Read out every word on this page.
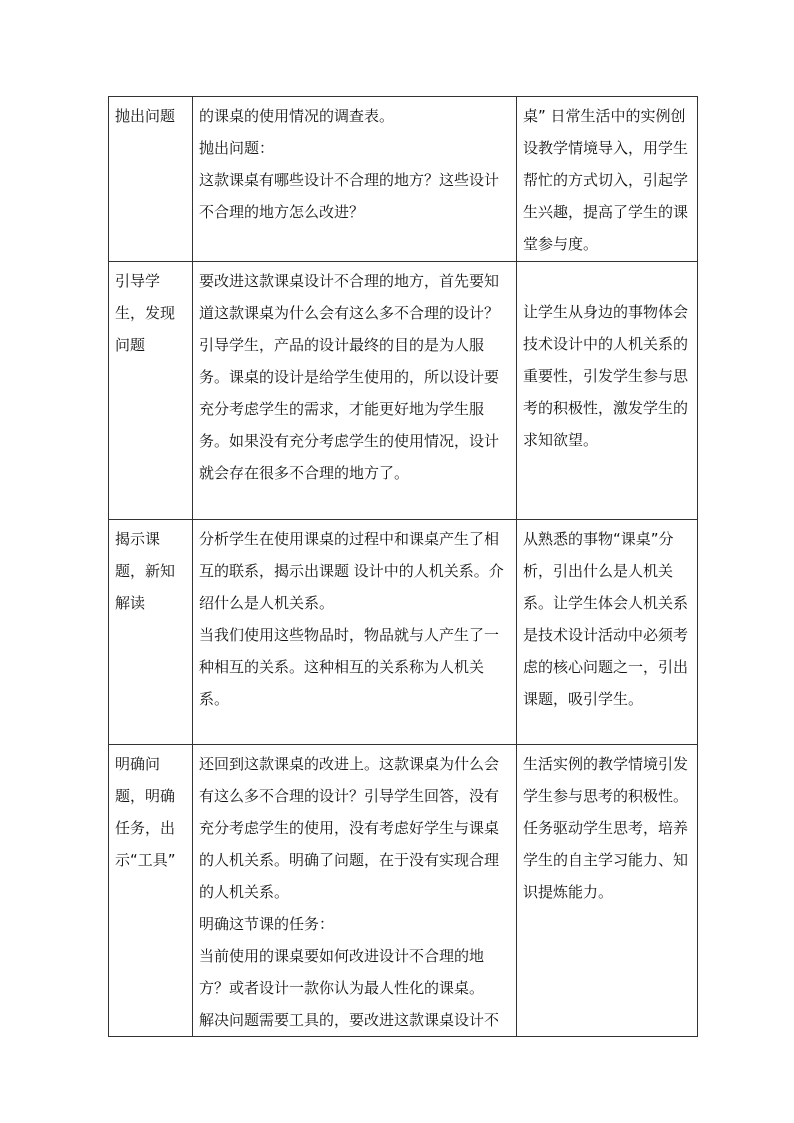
抛出问题	的课桌的使用情况的调查表。
抛出问题：
这款课桌有哪些设计不合理的地方？这些设计不合理的地方怎么改进？	桌” 日常生活中的实例创设教学情境导入，用学生帮忙的方式切入，引起学生兴趣，提高了学生的课堂参与度。

引导学生，发现问题	要改进这款课桌设计不合理的地方，首先要知道这款课桌为什么会有这么多不合理的设计？引导学生，产品的设计最终的目的是为人服务。课桌的设计是给学生使用的，所以设计要充分考虑学生的需求，才能更好地为学生服务。如果没有充分考虑学生的使用情况，设计就会存在很多不合理的地方了。	让学生从身边的事物体会技术设计中的人机关系的重要性，引发学生参与思考的积极性，激发学生的求知欲望。

揭示课题，新知解读	分析学生在使用课桌的过程中和课桌产生了相互的联系，揭示出课题 设计中的人机关系。介绍什么是人机关系。
当我们使用这些物品时，物品就与人产生了一种相互的关系。这种相互的关系称为人机关系。	从熟悉的事物“课桌”分析，引出什么是人机关系。让学生体会人机关系是技术设计活动中必须考虑的核心问题之一，引出课题，吸引学生。

明确问题，明确任务，出示“工具”	还回到这款课桌的改进上。这款课桌为什么会有这么多不合理的设计？引导学生回答，没有充分考虑学生的使用，没有考虑好学生与课桌的人机关系。明确了问题，在于没有实现合理的人机关系。
明确这节课的任务：
当前使用的课桌要如何改进设计不合理的地方？或者设计一款你认为最人性化的课桌。
解决问题需要工具的，要改进这款课桌设计不	生活实例的教学情境引发学生参与思考的积极性。任务驱动学生思考，培养学生的自主学习能力、知识提炼能力。
